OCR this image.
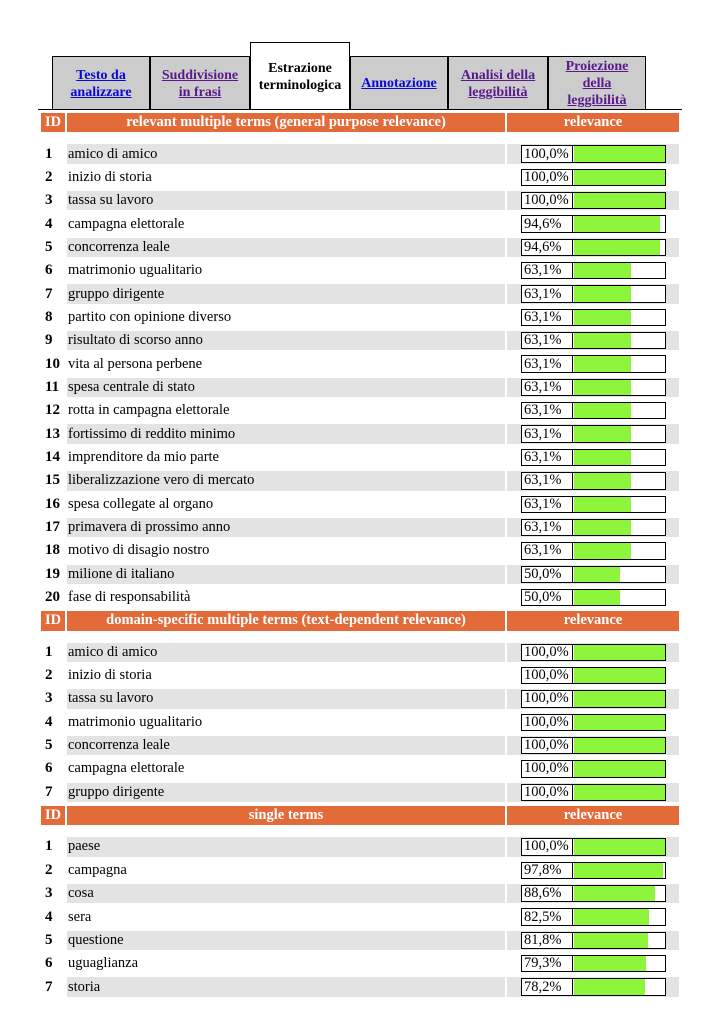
Testo da
analizzare
Suddivisione
in frasi
Estrazione
terminologica Annotazione
Analisi della
leggibilità
Proiezione
della
leggibilità
ID	relevant multiple terms (general purpose relevance)	relevance
1	amico di amico	100,0%
2	inizio di storia	100,0%
3	tassa su lavoro	100,0%
4	campagna elettorale	94,6%
5	concorrenza leale	94,6%
6	matrimonio ugualitario	63,1%
7	gruppo dirigente	63,1%
8	partito con opinione diverso	63,1%
9	risultato di scorso anno	63,1%
10 vita al persona perbene	63,1%
11 spesa centrale di stato	63,1%
12 rotta in campagna elettorale	63,1%
13 fortissimo di reddito minimo	63,1%
14 imprenditore da mio parte	63,1%
15 liberalizzazione vero di mercato	63,1%
16 spesa collegate al organo	63,1%
17 primavera di prossimo anno	63,1%
18 motivo di disagio nostro	63,1%
19 milione di italiano	50,0%
20 fase di responsabilità	50,0%
ID	domain-specific multiple terms (text-dependent relevance)	relevance
1	amico di amico	100,0%
2	inizio di storia	100,0%
3	tassa su lavoro	100,0%
4	matrimonio ugualitario	100,0%
5	concorrenza leale	100,0%
6	campagna elettorale	100,0%
7	gruppo dirigente	100,0%
ID	single terms	relevance
1	paese	100,0%
2	campagna	97,8%
3	cosa	88,6%
4	sera	82,5%
5	questione	81,8%
6	uguaglianza	79,3%
7	storia	78,2%
